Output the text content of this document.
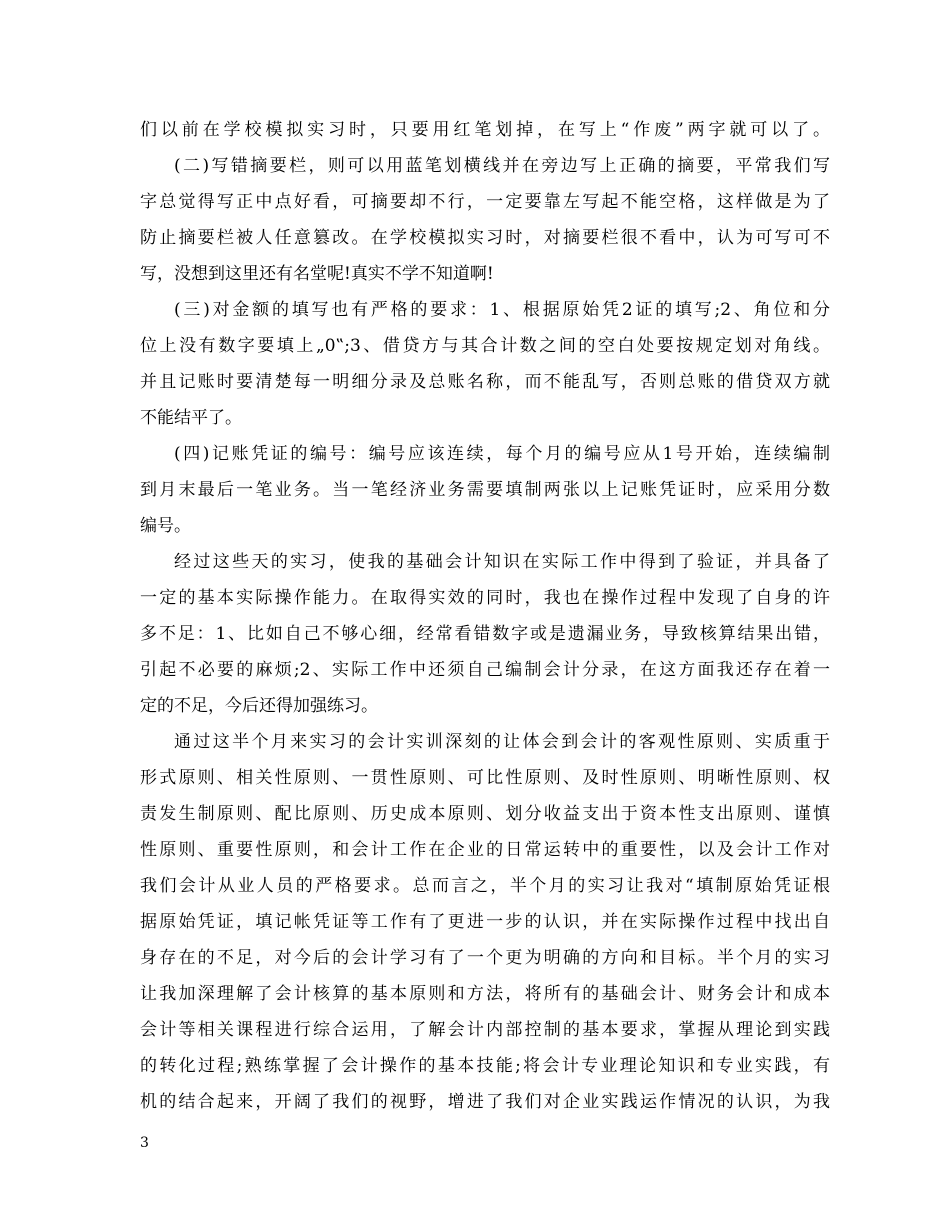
们以前在学校模拟实习时，只要用红笔划掉，在写上“作废”两字就可以了。
(二)写错摘要栏，则可以用蓝笔划横线并在旁边写上正确的摘要，平常我们写
字总觉得写正中点好看，可摘要却不行，一定要靠左写起不能空格，这样做是为了
防止摘要栏被人任意篡改。在学校模拟实习时，对摘要栏很不看中，认为可写可不
写，没想到这里还有名堂呢!真实不学不知道啊!
(三)对金额的填写也有严格的要求：1、根据原始凭2证的填写;2、角位和分
位上没有数字要填上„0‟;3、借贷方与其合计数之间的空白处要按规定划对角线。
并且记账时要清楚每一明细分录及总账名称，而不能乱写，否则总账的借贷双方就
不能结平了。
(四)记账凭证的编号：编号应该连续，每个月的编号应从1号开始，连续编制
到月末最后一笔业务。当一笔经济业务需要填制两张以上记账凭证时，应采用分数
编号。
经过这些天的实习，使我的基础会计知识在实际工作中得到了验证，并具备了
一定的基本实际操作能力。在取得实效的同时，我也在操作过程中发现了自身的许
多不足：1、比如自己不够心细，经常看错数字或是遗漏业务，导致核算结果出错，
引起不必要的麻烦;2、实际工作中还须自己编制会计分录，在这方面我还存在着一
定的不足，今后还得加强练习。
通过这半个月来实习的会计实训深刻的让体会到会计的客观性原则、实质重于
形式原则、相关性原则、一贯性原则、可比性原则、及时性原则、明晰性原则、权
责发生制原则、配比原则、历史成本原则、划分收益支出于资本性支出原则、谨慎
性原则、重要性原则，和会计工作在企业的日常运转中的重要性，以及会计工作对
我们会计从业人员的严格要求。总而言之，半个月的实习让我对“填制原始凭证根
据原始凭证，填记帐凭证等工作有了更进一步的认识，并在实际操作过程中找出自
身存在的不足，对今后的会计学习有了一个更为明确的方向和目标。半个月的实习
让我加深理解了会计核算的基本原则和方法，将所有的基础会计、财务会计和成本
会计等相关课程进行综合运用，了解会计内部控制的基本要求，掌握从理论到实践
的转化过程;熟练掌握了会计操作的基本技能;将会计专业理论知识和专业实践，有
机的结合起来，开阔了我们的视野，增进了我们对企业实践运作情况的认识，为我
3
